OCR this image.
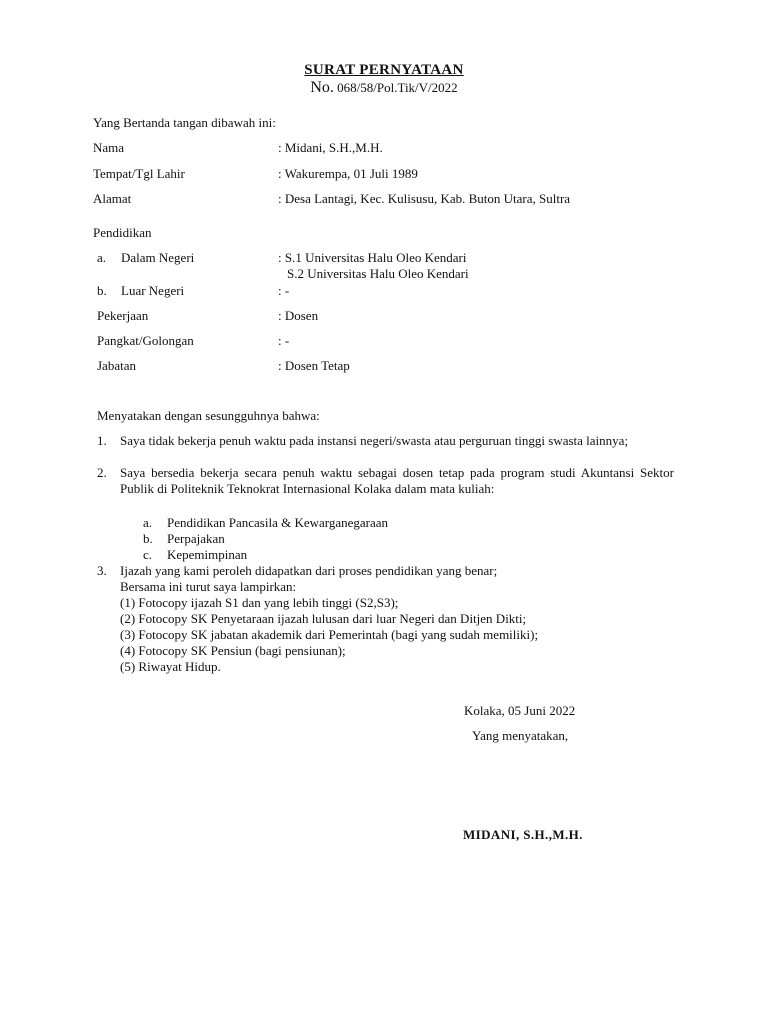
SURAT PERNYATAAN
No. 068/58/Pol.Tik/V/2022
Yang Bertanda tangan dibawah ini:
Nama	: Midani, S.H.,M.H.
Tempat/Tgl Lahir	: Wakurempa, 01 Juli 1989
Alamat	: Desa Lantagi, Kec. Kulisusu, Kab. Buton Utara, Sultra
Pendidikan
a. Dalam Negeri	: S.1 Universitas Halu Oleo Kendari
S.2 Universitas Halu Oleo Kendari
b. Luar Negeri	: -
Pekerjaan	: Dosen
Pangkat/Golongan	: -
Jabatan	: Dosen Tetap
Menyatakan dengan sesungguhnya bahwa:
1. Saya tidak bekerja penuh waktu pada instansi negeri/swasta atau perguruan tinggi swasta lainnya;
2. Saya bersedia bekerja secara penuh waktu sebagai dosen tetap pada program studi Akuntansi Sektor Publik di Politeknik Teknokrat Internasional Kolaka dalam mata kuliah:
a. Pendidikan Pancasila & Kewarganegaraan
b. Perpajakan
c. Kepemimpinan
3. Ijazah yang kami peroleh didapatkan dari proses pendidikan yang benar;
Bersama ini turut saya lampirkan:
(1) Fotocopy ijazah S1 dan yang lebih tinggi (S2,S3);
(2) Fotocopy SK Penyetaraan ijazah lulusan dari luar Negeri dan Ditjen Dikti;
(3) Fotocopy SK jabatan akademik dari Pemerintah (bagi yang sudah memiliki);
(4) Fotocopy SK Pensiun (bagi pensiunan);
(5) Riwayat Hidup.
Kolaka, 05 Juni 2022
Yang menyatakan,
MIDANI, S.H.,M.H.
